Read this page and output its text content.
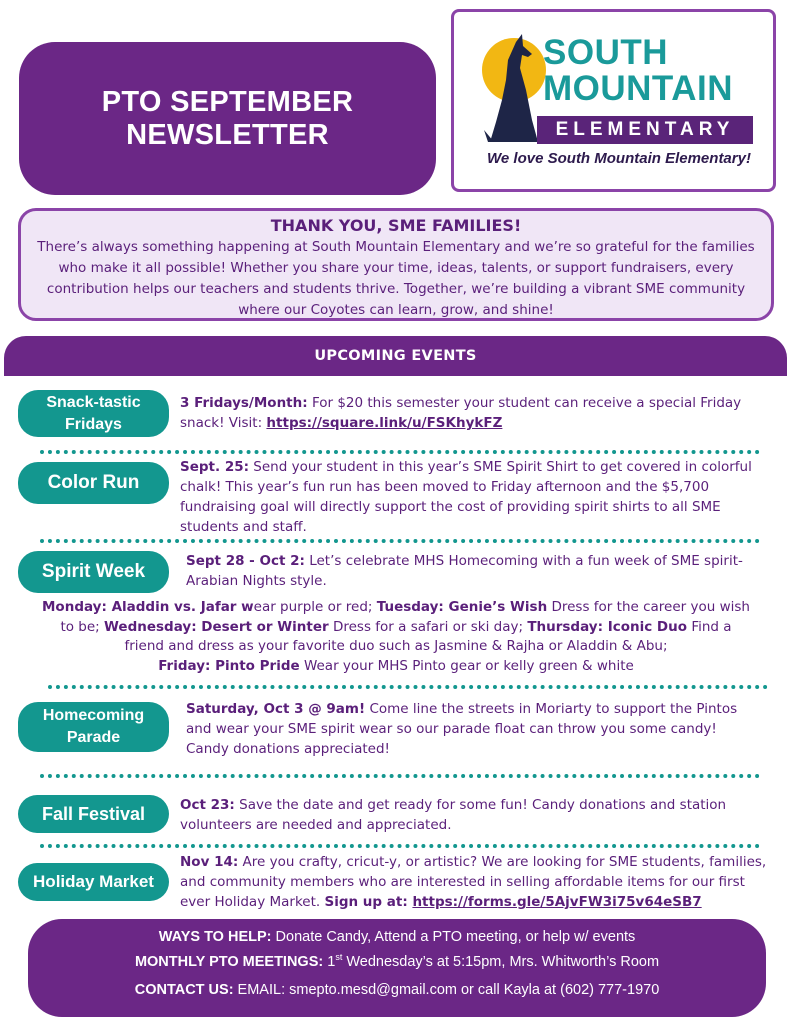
PTO SEPTEMBER
NEWSLETTER
SOUTH
MOUNTAIN
ELEMENTARY
We love South Mountain Elementary!
THANK YOU, SME FAMILIES!
There’s always something happening at South Mountain Elementary and we’re so grateful for the families who make it all possible! Whether you share your time, ideas, talents, or support fundraisers, every contribution helps our teachers and students thrive. Together, we’re building a vibrant SME community where our Coyotes can learn, grow, and shine!
UPCOMING EVENTS
Snack-tastic
Fridays
3 Fridays/Month: For $20 this semester your student can receive a special Friday snack! Visit: https://square.link/u/FSKhykFZ
Color Run
Sept. 25: Send your student in this year’s SME Spirit Shirt to get covered in colorful chalk! This year’s fun run has been moved to Friday afternoon and the $5,700 fundraising goal will directly support the cost of providing spirit shirts to all SME students and staff.
Spirit Week	Sept 28 - Oct 2: Let’s celebrate MHS Homecoming with a fun week of SME spirit- Arabian Nights style.
Monday: Aladdin vs. Jafar wear purple or red; Tuesday: Genie’s Wish Dress for the career you wish to be; Wednesday: Desert or Winter Dress for a safari or ski day; Thursday: Iconic Duo Find a friend and dress as your favorite duo such as Jasmine & Rajha or Aladdin & Abu;
Friday: Pinto Pride Wear your MHS Pinto gear or kelly green & white
Homecoming
Parade
Saturday, Oct 3 @ 9am! Come line the streets in Moriarty to support the Pintos and wear your SME spirit wear so our parade float can throw you some candy! Candy donations appreciated!
Fall Festival	Oct 23: Save the date and get ready for some fun! Candy donations and station volunteers are needed and appreciated.
Holiday Market
Nov 14: Are you crafty, cricut-y, or artistic? We are looking for SME students, families, and community members who are interested in selling affordable items for our first ever Holiday Market. Sign up at: https://forms.gle/5AjvFW3i75v64eSB7
WAYS TO HELP: Donate Candy, Attend a PTO meeting, or help w/ events
MONTHLY PTO MEETINGS: 1st Wednesday’s at 5:15pm, Mrs. Whitworth’s Room
CONTACT US: EMAIL: smepto.mesd@gmail.com or call Kayla at (602) 777-1970
